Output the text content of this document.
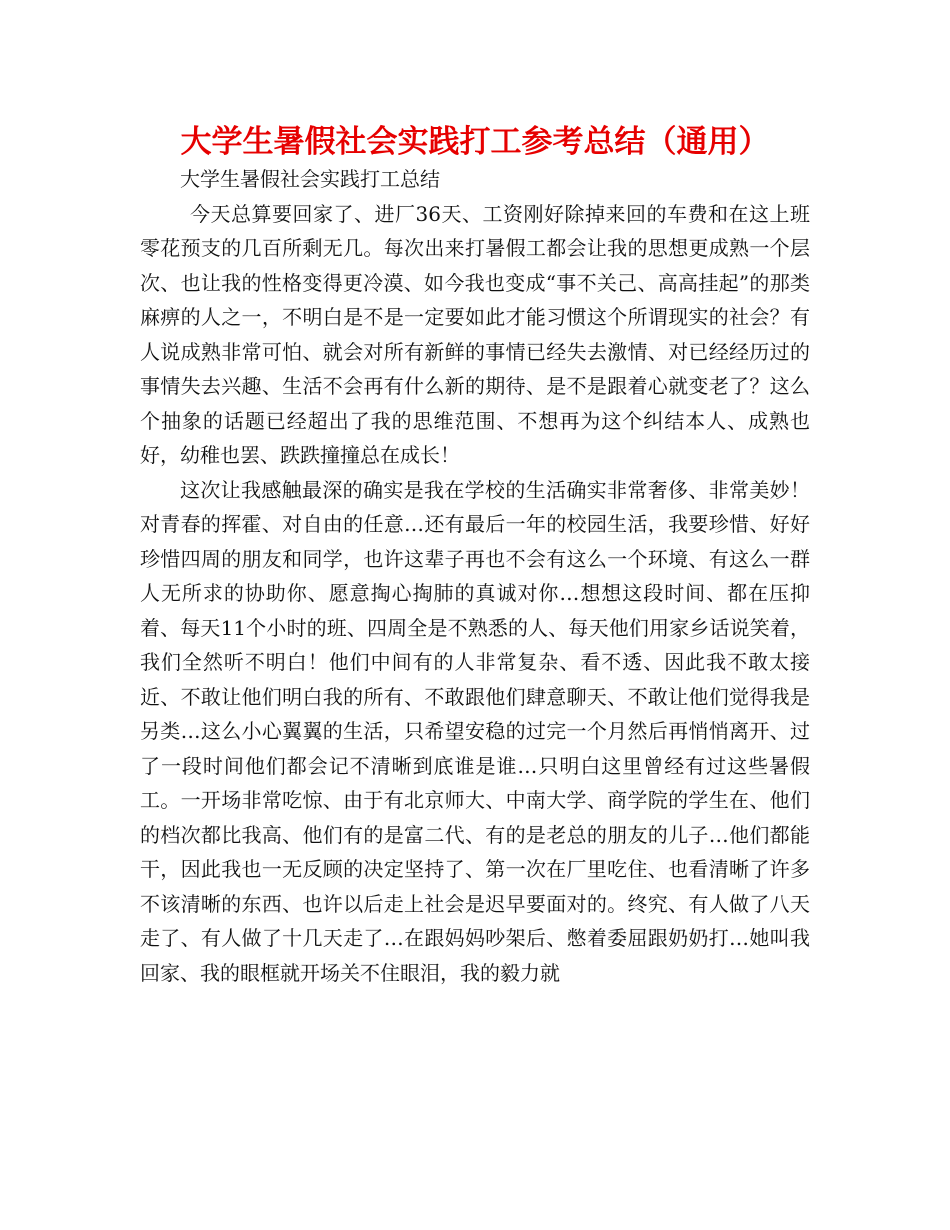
大学生暑假社会实践打工参考总结（通用）

大学生暑假社会实践打工总结

今天总算要回家了、进厂36天、工资刚好除掉来回的车费和在这上班零花预支的几百所剩无几。每次出来打暑假工都会让我的思想更成熟一个层次、也让我的性格变得更冷漠、如今我也变成“事不关己、高高挂起”的那类麻痹的人之一，不明白是不是一定要如此才能习惯这个所谓现实的社会？有人说成熟非常可怕、就会对所有新鲜的事情已经失去激情、对已经经历过的事情失去兴趣、生活不会再有什么新的期待、是不是跟着心就变老了？这么个抽象的话题已经超出了我的思维范围、不想再为这个纠结本人、成熟也好，幼稚也罢、跌跌撞撞总在成长！

这次让我感触最深的确实是我在学校的生活确实非常奢侈、非常美妙！对青春的挥霍、对自由的任意…还有最后一年的校园生活，我要珍惜、好好珍惜四周的朋友和同学，也许这辈子再也不会有这么一个环境、有这么一群人无所求的协助你、愿意掏心掏肺的真诚对你…想想这段时间、都在压抑着、每天11个小时的班、四周全是不熟悉的人、每天他们用家乡话说笑着，我们全然听不明白！他们中间有的人非常复杂、看不透、因此我不敢太接近、不敢让他们明白我的所有、不敢跟他们肆意聊天、不敢让他们觉得我是另类…这么小心翼翼的生活，只希望安稳的过完一个月然后再悄悄离开、过了一段时间他们都会记不清晰到底谁是谁…只明白这里曾经有过这些暑假工。一开场非常吃惊、由于有北京师大、中南大学、商学院的学生在、他们的档次都比我高、他们有的是富二代、有的是老总的朋友的儿子…他们都能干，因此我也一无反顾的决定坚持了、第一次在厂里吃住、也看清晰了许多不该清晰的东西、也许以后走上社会是迟早要面对的。终究、有人做了八天走了、有人做了十几天走了…在跟妈妈吵架后、憋着委屈跟奶奶打…她叫我回家、我的眼框就开场关不住眼泪，我的毅力就
